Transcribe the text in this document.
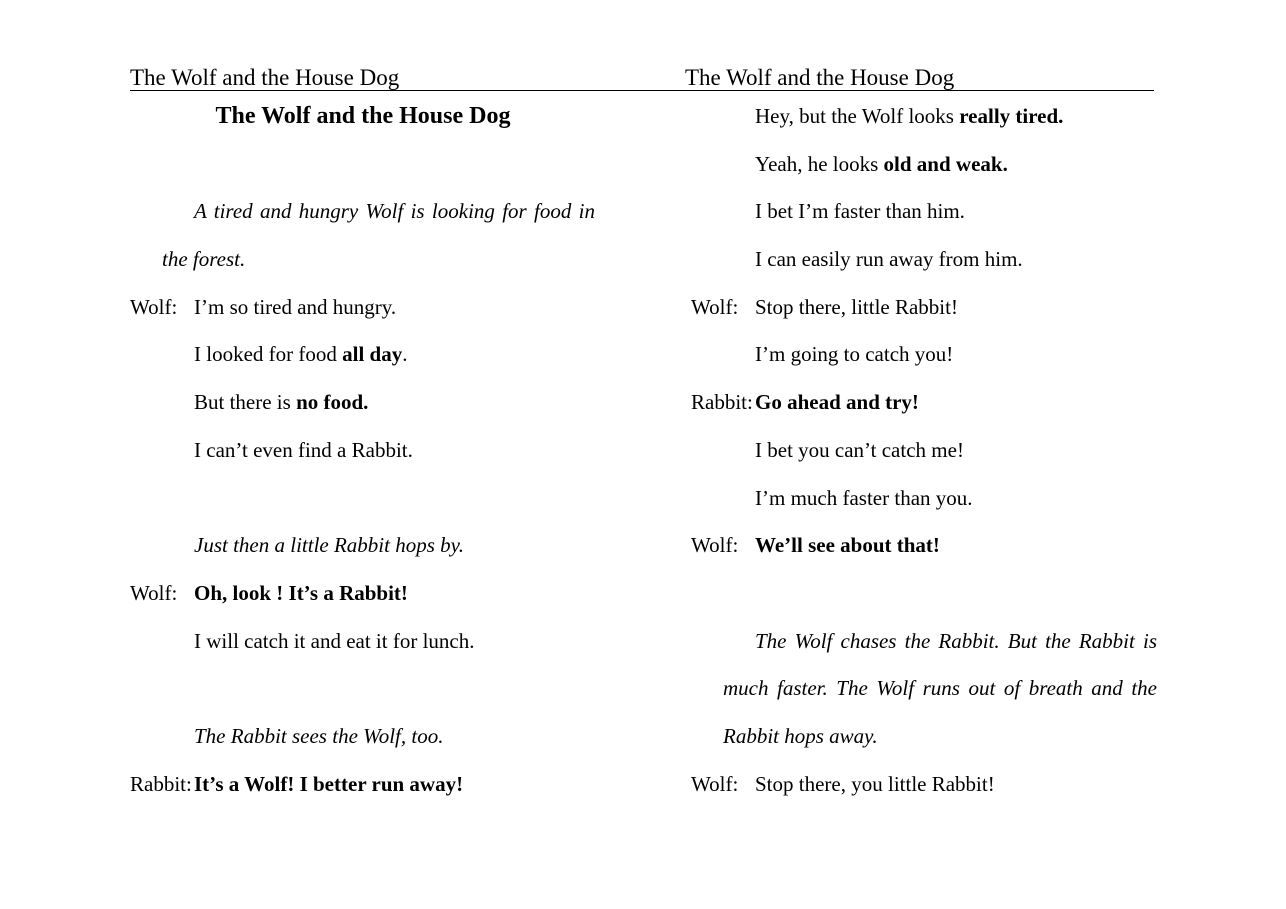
The Wolf and the House Dog	The Wolf and the House Dog
The Wolf and the House Dog
A tired and hungry Wolf is looking for food in
the forest.
Wolf: I’m so tired and hungry.
I looked for food all day.
But there is no food.
I can’t even find a Rabbit.
Just then a little Rabbit hops by.
Wolf: Oh, look ! It’s a Rabbit!
I will catch it and eat it for lunch.
The Rabbit sees the Wolf, too.
Rabbit: It’s a Wolf! I better run away!
Hey, but the Wolf looks really tired.
Yeah, he looks old and weak.
I bet I’m faster than him.
I can easily run away from him.
Wolf: Stop there, little Rabbit!
I’m going to catch you!
Rabbit: Go ahead and try!
I bet you can’t catch me!
I’m much faster than you.
Wolf: We’ll see about that!
The Wolf chases the Rabbit. But the Rabbit is
much faster. The Wolf runs out of breath and the
Rabbit hops away.
Wolf: Stop there, you little Rabbit!
